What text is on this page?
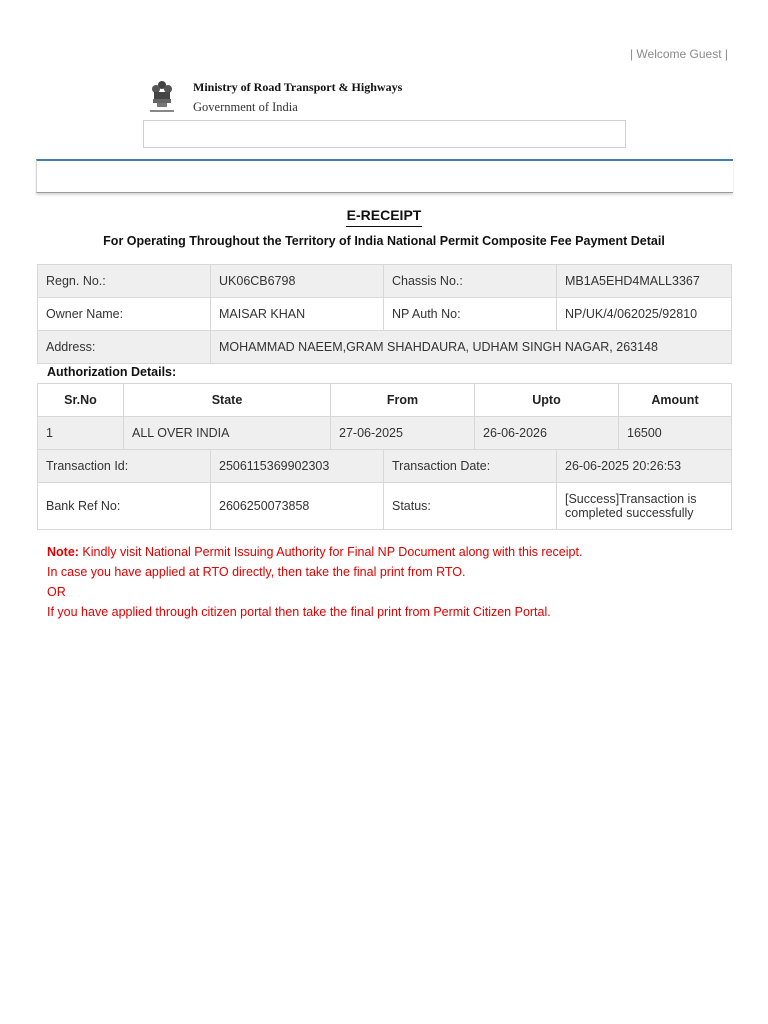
| Welcome Guest |
Ministry of Road Transport & Highways
Government of India
E-RECEIPT
For Operating Throughout the Territory of India National Permit Composite Fee Payment Detail
Regn. No.:	UK06CB6798	Chassis No.:	MB1A5EHD4MALL3367
Owner Name:	MAISAR KHAN	NP Auth No:	NP/UK/4/062025/92810
Address:	MOHAMMAD NAEEM,GRAM SHAHDAURA, UDHAM SINGH NAGAR, 263148		
Authorization Details:
Sr.No	State	From	Upto	Amount
1	ALL OVER INDIA	27-06-2025	26-06-2026	16500
Transaction Id:	2506115369902303	Transaction Date:	26-06-2025 20:26:53
Bank Ref No:	2606250073858	Status:	[Success]Transaction is completed successfully
Note: Kindly visit National Permit Issuing Authority for Final NP Document along with this receipt.
In case you have applied at RTO directly, then take the final print from RTO.
OR
If you have applied through citizen portal then take the final print from Permit Citizen Portal.
